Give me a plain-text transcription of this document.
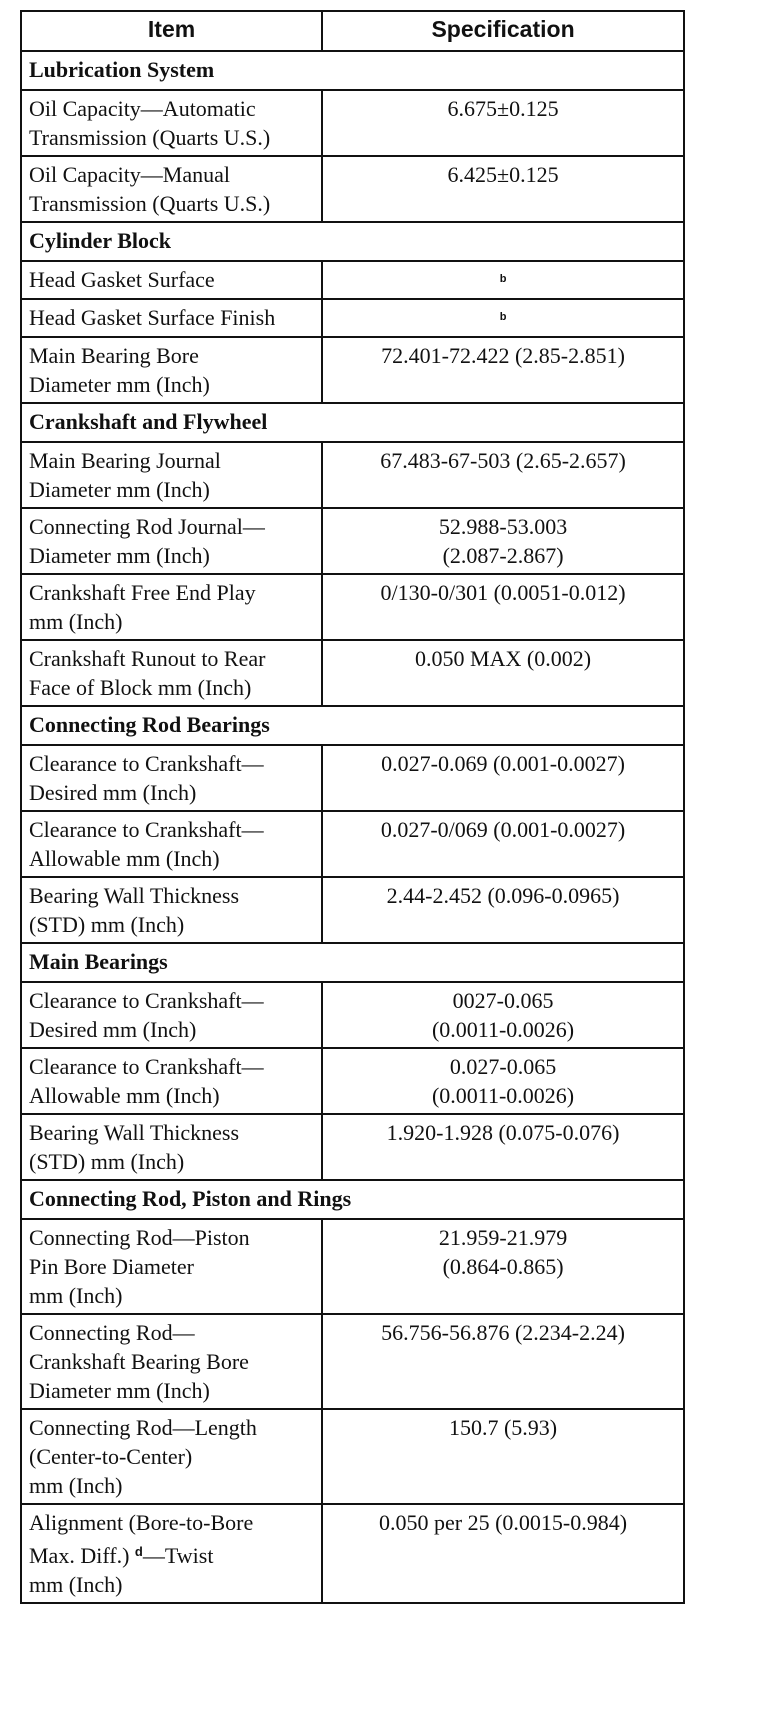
Item	Specification
Lubrication System	
Oil Capacity—Automatic
Transmission (Quarts U.S.)	6.675±0.125
Oil Capacity—Manual
Transmission (Quarts U.S.)	6.425±0.125
Cylinder Block	
Head Gasket Surface	$^b$
Head Gasket Surface Finish	$^b$
Main Bearing Bore
Diameter mm (Inch)	72.401-72.422 (2.85-2.851)
Crankshaft and Flywheel	
Main Bearing Journal
Diameter mm (Inch)	67.483-67-503 (2.65-2.657)
Connecting Rod Journal—
Diameter mm (Inch)	52.988-53.003
(2.087-2.867)
Crankshaft Free End Play
mm (Inch)	0/130-0/301 (0.0051-0.012)
Crankshaft Runout to Rear
Face of Block mm (Inch)	0.050 MAX (0.002)
Connecting Rod Bearings	
Clearance to Crankshaft—
Desired mm (Inch)	0.027-0.069 (0.001-0.0027)
Clearance to Crankshaft—
Allowable mm (Inch)	0.027-0/069 (0.001-0.0027)
Bearing Wall Thickness
(STD) mm (Inch)	2.44-2.452 (0.096-0.0965)
Main Bearings	
Clearance to Crankshaft—
Desired mm (Inch)	0027-0.065
(0.0011-0.0026)
Clearance to Crankshaft—
Allowable mm (Inch)	0.027-0.065
(0.0011-0.0026)
Bearing Wall Thickness
(STD) mm (Inch)	1.920-1.928 (0.075-0.076)
Connecting Rod, Piston and Rings	
Connecting Rod—Piston
Pin Bore Diameter
mm (Inch)	21.959-21.979
(0.864-0.865)
Connecting Rod—
Crankshaft Bearing Bore
Diameter mm (Inch)	56.756-56.876 (2.234-2.24)
Connecting Rod—Length
(Center-to-Center)
mm (Inch)	150.7 (5.93)
Alignment (Bore-to-Bore
Max. Diff.) $^d$—Twist
mm (Inch)	0.050 per 25 (0.0015-0.984)
